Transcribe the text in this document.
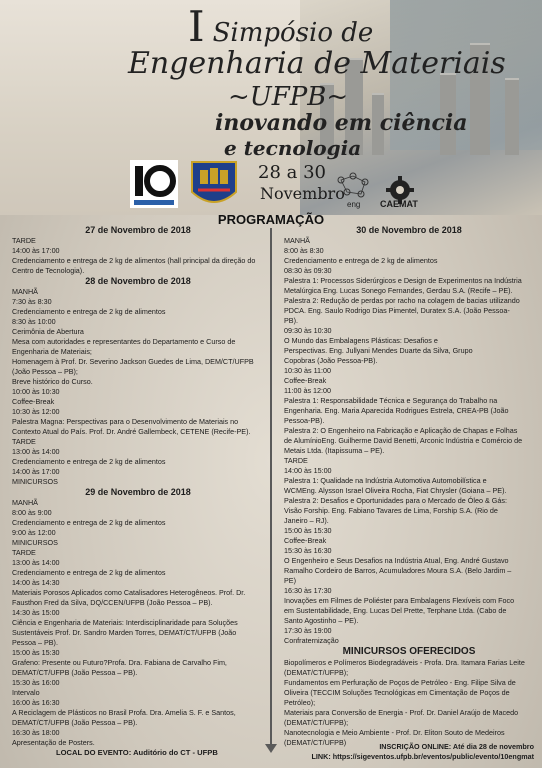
I Simpósio de
Engenharia de Materiais
~UFPB~
inovando em ciência
e tecnologia
28 a 30
Novembro
eng CAEMAT
PROGRAMAÇÃO

27 de Novembro de 2018

TARDE

14:00 às 17:00

Credenciamento e entrega de 2 kg de alimentos (hall principal da direção do

Centro de Tecnologia).

28 de Novembro de 2018

MANHÃ

7:30 às 8:30

Credenciamento e entrega de 2 kg de alimentos

8:30 às 10:00

Cerimônia de Abertura

Mesa com autoridades e representantes do Departamento e Curso de

Engenharia de Materiais;

Homenagem à Prof. Dr. Severino Jackson Guedes de Lima, DEM/CT/UFPB

(João Pessoa – PB);

Breve histórico do Curso.

10:00 às 10:30

Coffee-Break

10:30 às 12:00

Palestra Magna: Perspectivas para o Desenvolvimento de Materiais no

Contexto Atual do País. Prof. Dr. André Gallembeck, CETENE (Recife-PE).

TARDE

13:00 às 14:00

Credenciamento e entrega de 2 kg de alimentos

14:00 às 17:00

MINICURSOS

29 de Novembro de 2018

MANHÃ

8:00 às 9:00

Credenciamento e entrega de 2 kg de alimentos

9:00 às 12:00

MINICURSOS

TARDE

13:00 às 14:00

Credenciamento e entrega de 2 kg de alimentos

14:00 às 14:30

Materiais Porosos Aplicados como Catalisadores Heterogêneos. Prof. Dr.

Fausthon Fred da Silva, DQ/CCEN/UFPB (João Pessoa – PB).

14:30 às 15:00

Ciência e Engenharia de Materiais: Interdisciplinaridade para Soluções

Sustentáveis Prof. Dr. Sandro Marden Torres, DEMAT/CT/UFPB (João

Pessoa – PB).

15:00 às 15:30

Grafeno: Presente ou Futuro?Profa. Dra. Fabiana de Carvalho Fim,

DEMAT/CT/UFPB (João Pessoa – PB).

15:30 às 16:00

Intervalo

16:00 às 16:30

A Reciclagem de Plásticos no Brasil Profa. Dra. Amelia S. F. e Santos,

DEMAT/CT/UFPB (João Pessoa – PB).

16:30 às 18:00

Apresentação de Posters.

30 de Novembro de 2018

MANHÃ

8:00 às 8:30

Credenciamento e entrega de 2 kg de alimentos

08:30 às 09:30

Palestra 1: Processos Siderúrgicos e Design de Experimentos na Indústria

Metalúrgica Eng. Lucas Sonego Fernandes, Gerdau S.A. (Recife – PE).

Palestra 2: Redução de perdas por racho na colagem de bacias utilizando

PDCA. Eng. Saulo Rodrigo Dias Pimentel, Duratex S.A. (João Pessoa-

PB).

09:30 às 10:30

O Mundo das Embalagens Plásticas: Desafios e

Perspectivas. Eng. Jullyani Mendes Duarte da Silva, Grupo

Copobras (João Pessoa-PB).

10:30 às 11:00

Coffee-Break

11:00 às 12:00

Palestra 1: Responsabilidade Técnica e Segurança do Trabalho na

Engenharia. Eng. Maria Aparecida Rodrigues Estrela, CREA-PB (João

Pessoa-PB).

Palestra 2: O Engenheiro na Fabricação e Aplicação de Chapas e Folhas

de AlumínioEng. Guilherme David Benetti, Arconic Indústria e Comércio de

Metais Ltda. (Itapissuma – PE).

TARDE

14:00 às 15:00

Palestra 1: Qualidade na Indústria Automotiva Automobilística e

WCMEng. Alysson Israel Oliveira Rocha, Fiat Chrysler (Goiana – PE).

Palestra 2: Desafios e Oportunidades para o Mercado de Óleo & Gás:

Visão Forship. Eng. Fabiano Tavares de Lima, Forship S.A. (Rio de

Janeiro – RJ).

15:00 às 15:30

Coffee-Break

15:30 às 16:30

O Engenheiro e Seus Desafios na Indústria Atual, Eng. André Gustavo

Ramalho Cordeiro de Barros, Acumuladores Moura S.A. (Belo Jardim –

PE)

16:30 às 17:30

Inovações em Filmes de Poliéster para Embalagens Flexíveis com Foco

em Sustentabilidade, Eng. Lucas Del Prette, Terphane Ltda. (Cabo de

Santo Agostinho – PE).

17:30 às 19:00

Confraternização

MINICURSOS OFERECIDOS

Biopolímeros e Polímeros Biodegradáveis - Profa. Dra. Itamara Farias Leite

(DEMAT/CT/UFPB);

Fundamentos em Perfuração de Poços de Petróleo - Eng. Filipe Silva de

Oliveira (TECCIM Soluções Tecnológicas em Cimentação de Poços de

Petróleo);

Materiais para Conversão de Energia - Prof. Dr. Daniel Araújo de Macedo

(DEMAT/CT/UFPB);

Nanotecnologia e Meio Ambiente - Prof. Dr. Eliton Souto de Medeiros

(DEMAT/CT/UFPB)

LOCAL DO EVENTO: Auditório do CT - UFPB
INSCRIÇÃO ONLINE: Até dia 28 de novembro
LINK: https://sigeventos.ufpb.br/eventos/public/evento/10engmat
